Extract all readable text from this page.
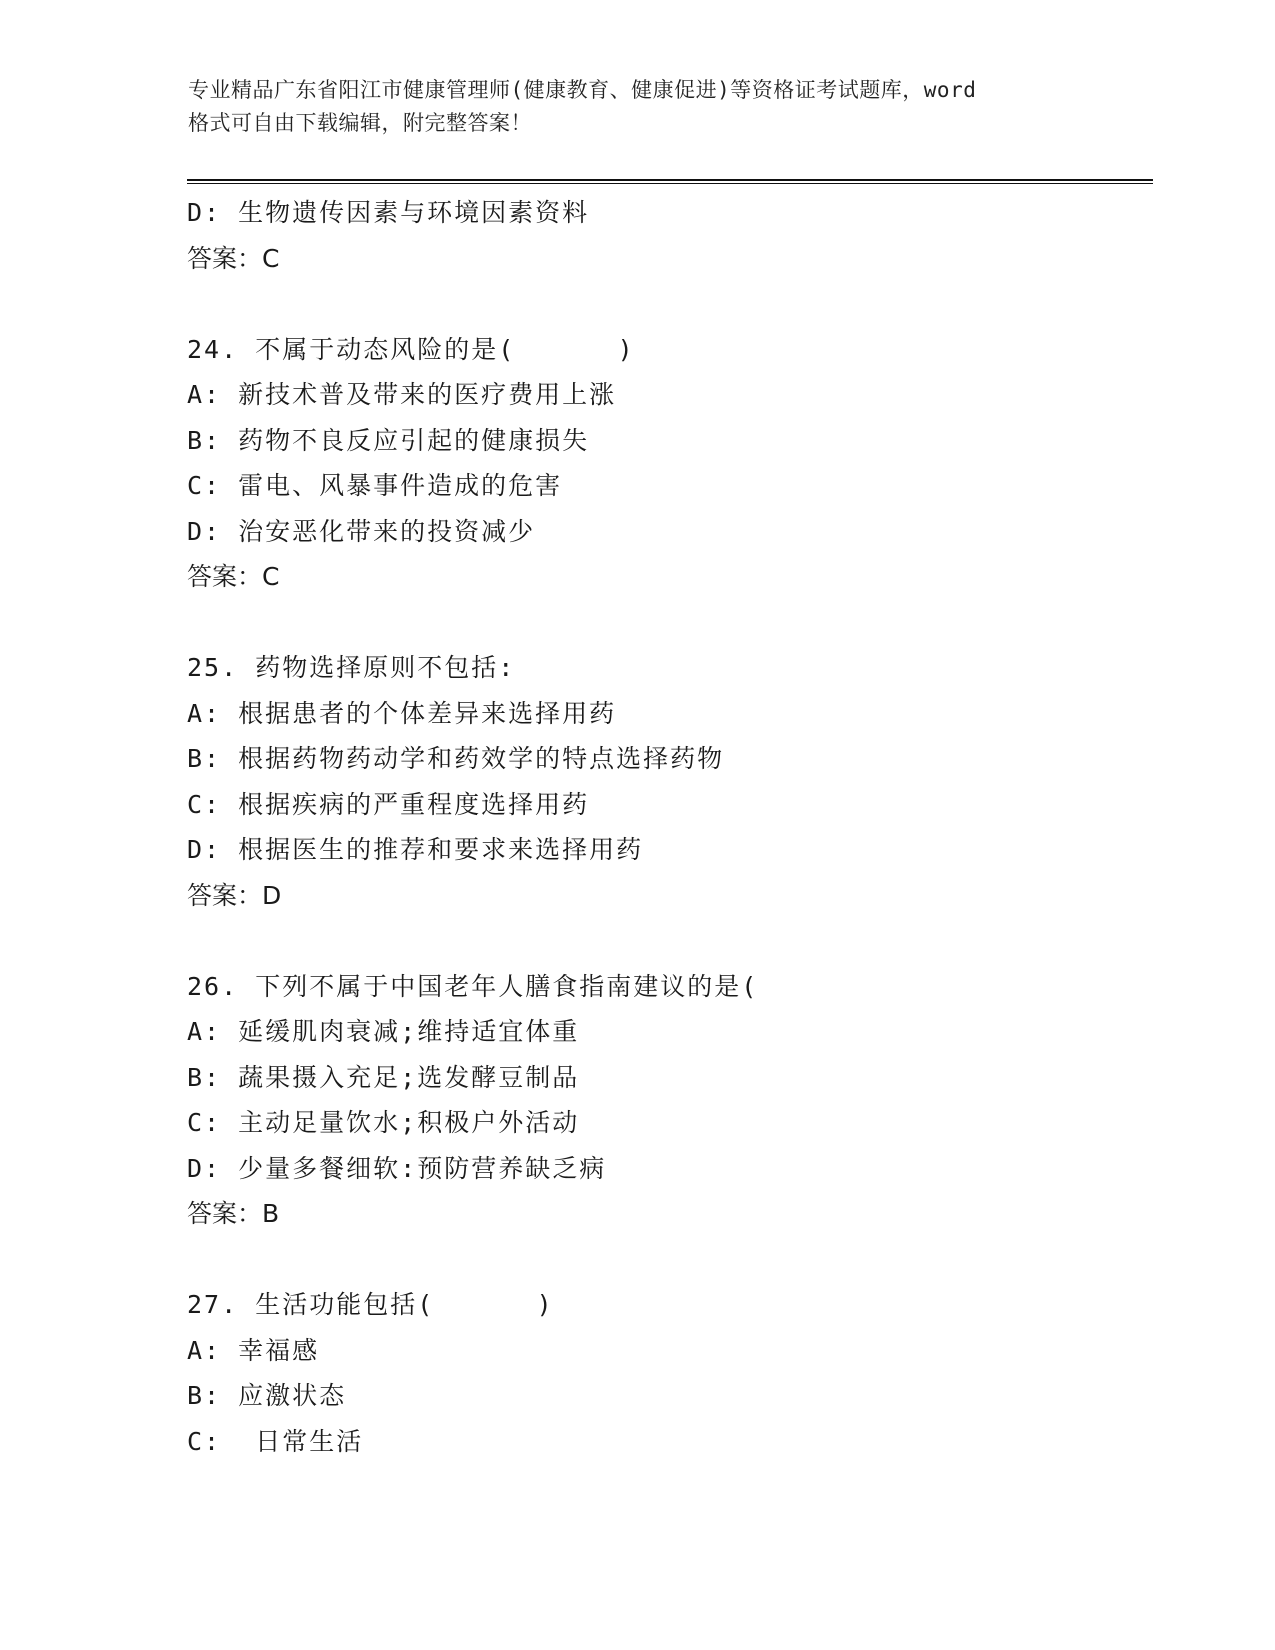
专业精品广东省阳江市健康管理师(健康教育、健康促进)等资格证考试题库，word
格式可自由下载编辑，附完整答案！
D: 生物遗传因素与环境因素资料
答案：C
24. 不属于动态风险的是(      )
A: 新技术普及带来的医疗费用上涨
B: 药物不良反应引起的健康损失
C: 雷电、风暴事件造成的危害
D: 治安恶化带来的投资减少
答案：C
25. 药物选择原则不包括:
A: 根据患者的个体差异来选择用药
B: 根据药物药动学和药效学的特点选择药物
C: 根据疾病的严重程度选择用药
D: 根据医生的推荐和要求来选择用药
答案：D
26. 下列不属于中国老年人膳食指南建议的是(
A: 延缓肌肉衰减;维持适宜体重
B: 蔬果摄入充足;选发酵豆制品
C: 主动足量饮水;积极户外活动
D: 少量多餐细软:预防营养缺乏病
答案：B
27. 生活功能包括(      )
A: 幸福感
B: 应激状态
C:  日常生活
